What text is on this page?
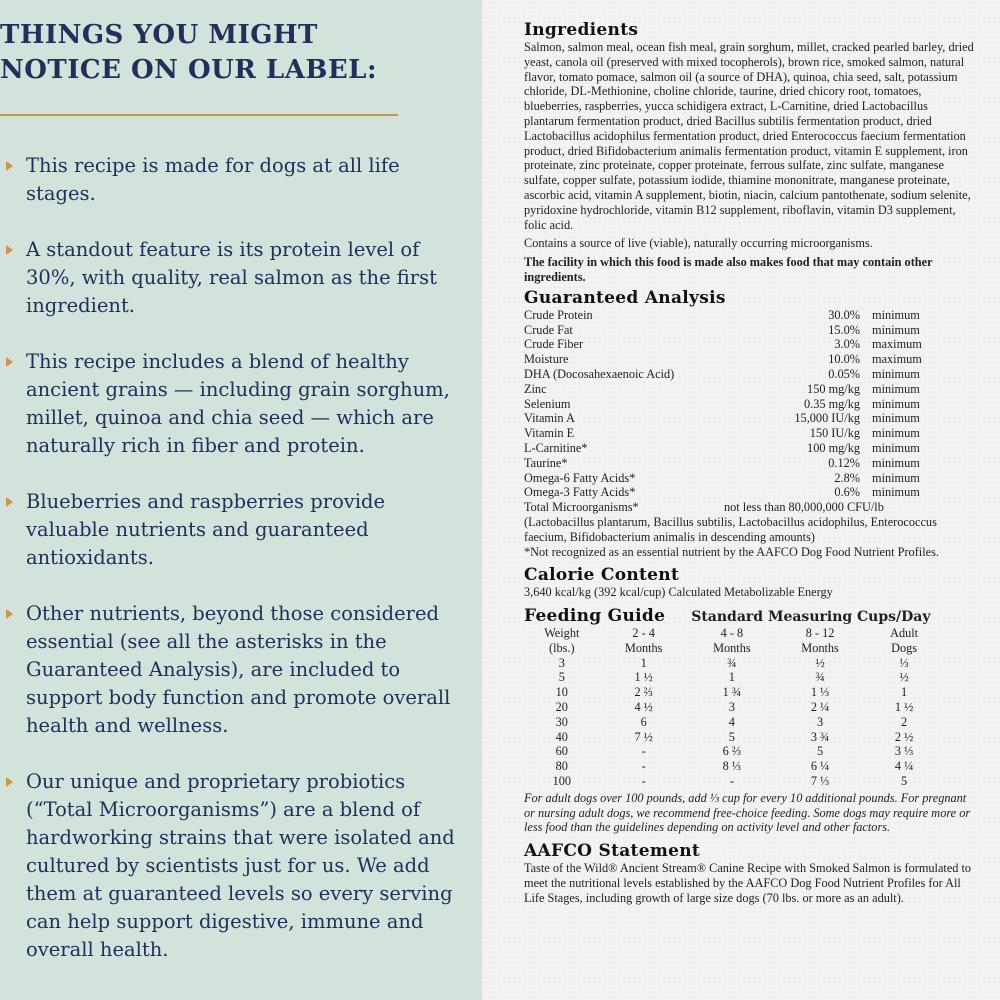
THINGS YOU MIGHT
NOTICE ON OUR LABEL:
This recipe is made for dogs at all life stages.
A standout feature is its protein level of 30%, with quality, real salmon as the first ingredient.
This recipe includes a blend of healthy ancient grains — including grain sorghum, millet, quinoa and chia seed — which are naturally rich in fiber and protein.
Blueberries and raspberries provide valuable nutrients and guaranteed antioxidants.
Other nutrients, beyond those considered essential (see all the asterisks in the Guaranteed Analysis), are included to support body function and promote overall health and wellness.
Our unique and proprietary probiotics (“Total Microorganisms”) are a blend of hardworking strains that were isolated and cultured by scientists just for us. We add them at guaranteed levels so every serving can help support digestive, immune and overall health.
Ingredients

Salmon, salmon meal, ocean fish meal, grain sorghum, millet, cracked pearled barley, dried yeast, canola oil (preserved with mixed tocopherols), brown rice, smoked salmon, natural flavor, tomato pomace, salmon oil (a source of DHA), quinoa, chia seed, salt, potassium chloride, DL-Methionine, choline chloride, taurine, dried chicory root, tomatoes, blueberries, raspberries, yucca schidigera extract, L-Carnitine, dried Lactobacillus plantarum fermentation product, dried Bacillus subtilis fermentation product, dried Lactobacillus acidophilus fermentation product, dried Enterococcus faecium fermentation product, dried Bifidobacterium animalis fermentation product, vitamin E supplement, iron proteinate, zinc proteinate, copper proteinate, ferrous sulfate, zinc sulfate, manganese sulfate, copper sulfate, potassium iodide, thiamine mononitrate, manganese proteinate, ascorbic acid, vitamin A supplement, biotin, niacin, calcium pantothenate, sodium selenite, pyridoxine hydrochloride, vitamin B12 supplement, riboflavin, vitamin D3 supplement, folic acid.

Contains a source of live (viable), naturally occurring microorganisms.

The facility in which this food is made also makes food that may contain other ingredients.

Guaranteed Analysis
Crude Protein	30.0% minimum
Crude Fat	15.0% minimum
Crude Fiber	3.0% maximum
Moisture	10.0% maximum
DHA (Docosahexaenoic Acid)	0.05% minimum
Zinc	150 mg/kg minimum
Selenium	0.35 mg/kg minimum
Vitamin A	15,000 IU/kg minimum
Vitamin E	150 IU/kg minimum
L-Carnitine*	100 mg/kg minimum
Taurine*	0.12% minimum
Omega-6 Fatty Acids*	2.8% minimum
Omega-3 Fatty Acids*	0.6% minimum
Total Microorganisms*	not less than 80,000,000 CFU/lb

(Lactobacillus plantarum, Bacillus subtilis, Lactobacillus acidophilus, Enterococcus faecium, Bifidobacterium animalis in descending amounts)

*Not recognized as an essential nutrient by the AAFCO Dog Food Nutrient Profiles.

Calorie Content

3,640 kcal/kg (392 kcal/cup) Calculated Metabolizable Energy

Feeding Guide Standard Measuring Cups/Day
Weight	2 - 4	4 - 8	8 - 12	Adult
(lbs.)	Months	Months	Months	Dogs
3	1	¾	½	⅓
5	1 ½	1	¾	½
10	2 ⅔	1 ¾	1 ⅓	1
20	4 ½	3	2 ¼	1 ½
30	6	4	3	2
40	7 ½	5	3 ¾	2 ½
60	-	6 ⅔	5	3 ⅓
80	-	8 ⅓	6 ¼	4 ¼
100	-	-	7 ⅓	5

For adult dogs over 100 pounds, add ⅓ cup for every 10 additional pounds. For pregnant or nursing adult dogs, we recommend free-choice feeding. Some dogs may require more or less food than the guidelines depending on activity level and other factors.

AAFCO Statement

Taste of the Wild® Ancient Stream® Canine Recipe with Smoked Salmon is formulated to meet the nutritional levels established by the AAFCO Dog Food Nutrient Profiles for All Life Stages, including growth of large size dogs (70 lbs. or more as an adult).
